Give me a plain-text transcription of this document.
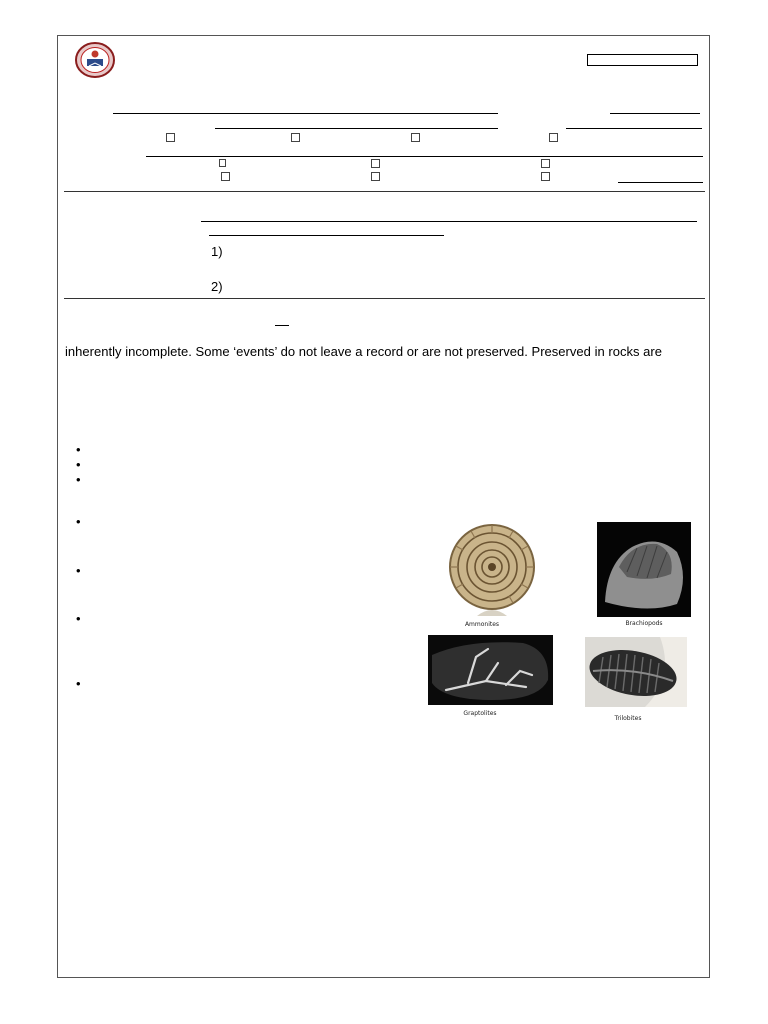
1)
2)
inherently incomplete. Some ‘events’ do not leave a record or are not preserved. Preserved in rocks are
•
•
•
•
•
•
•
Ammonites	Brachiopods
Graptolites
Trilobites
